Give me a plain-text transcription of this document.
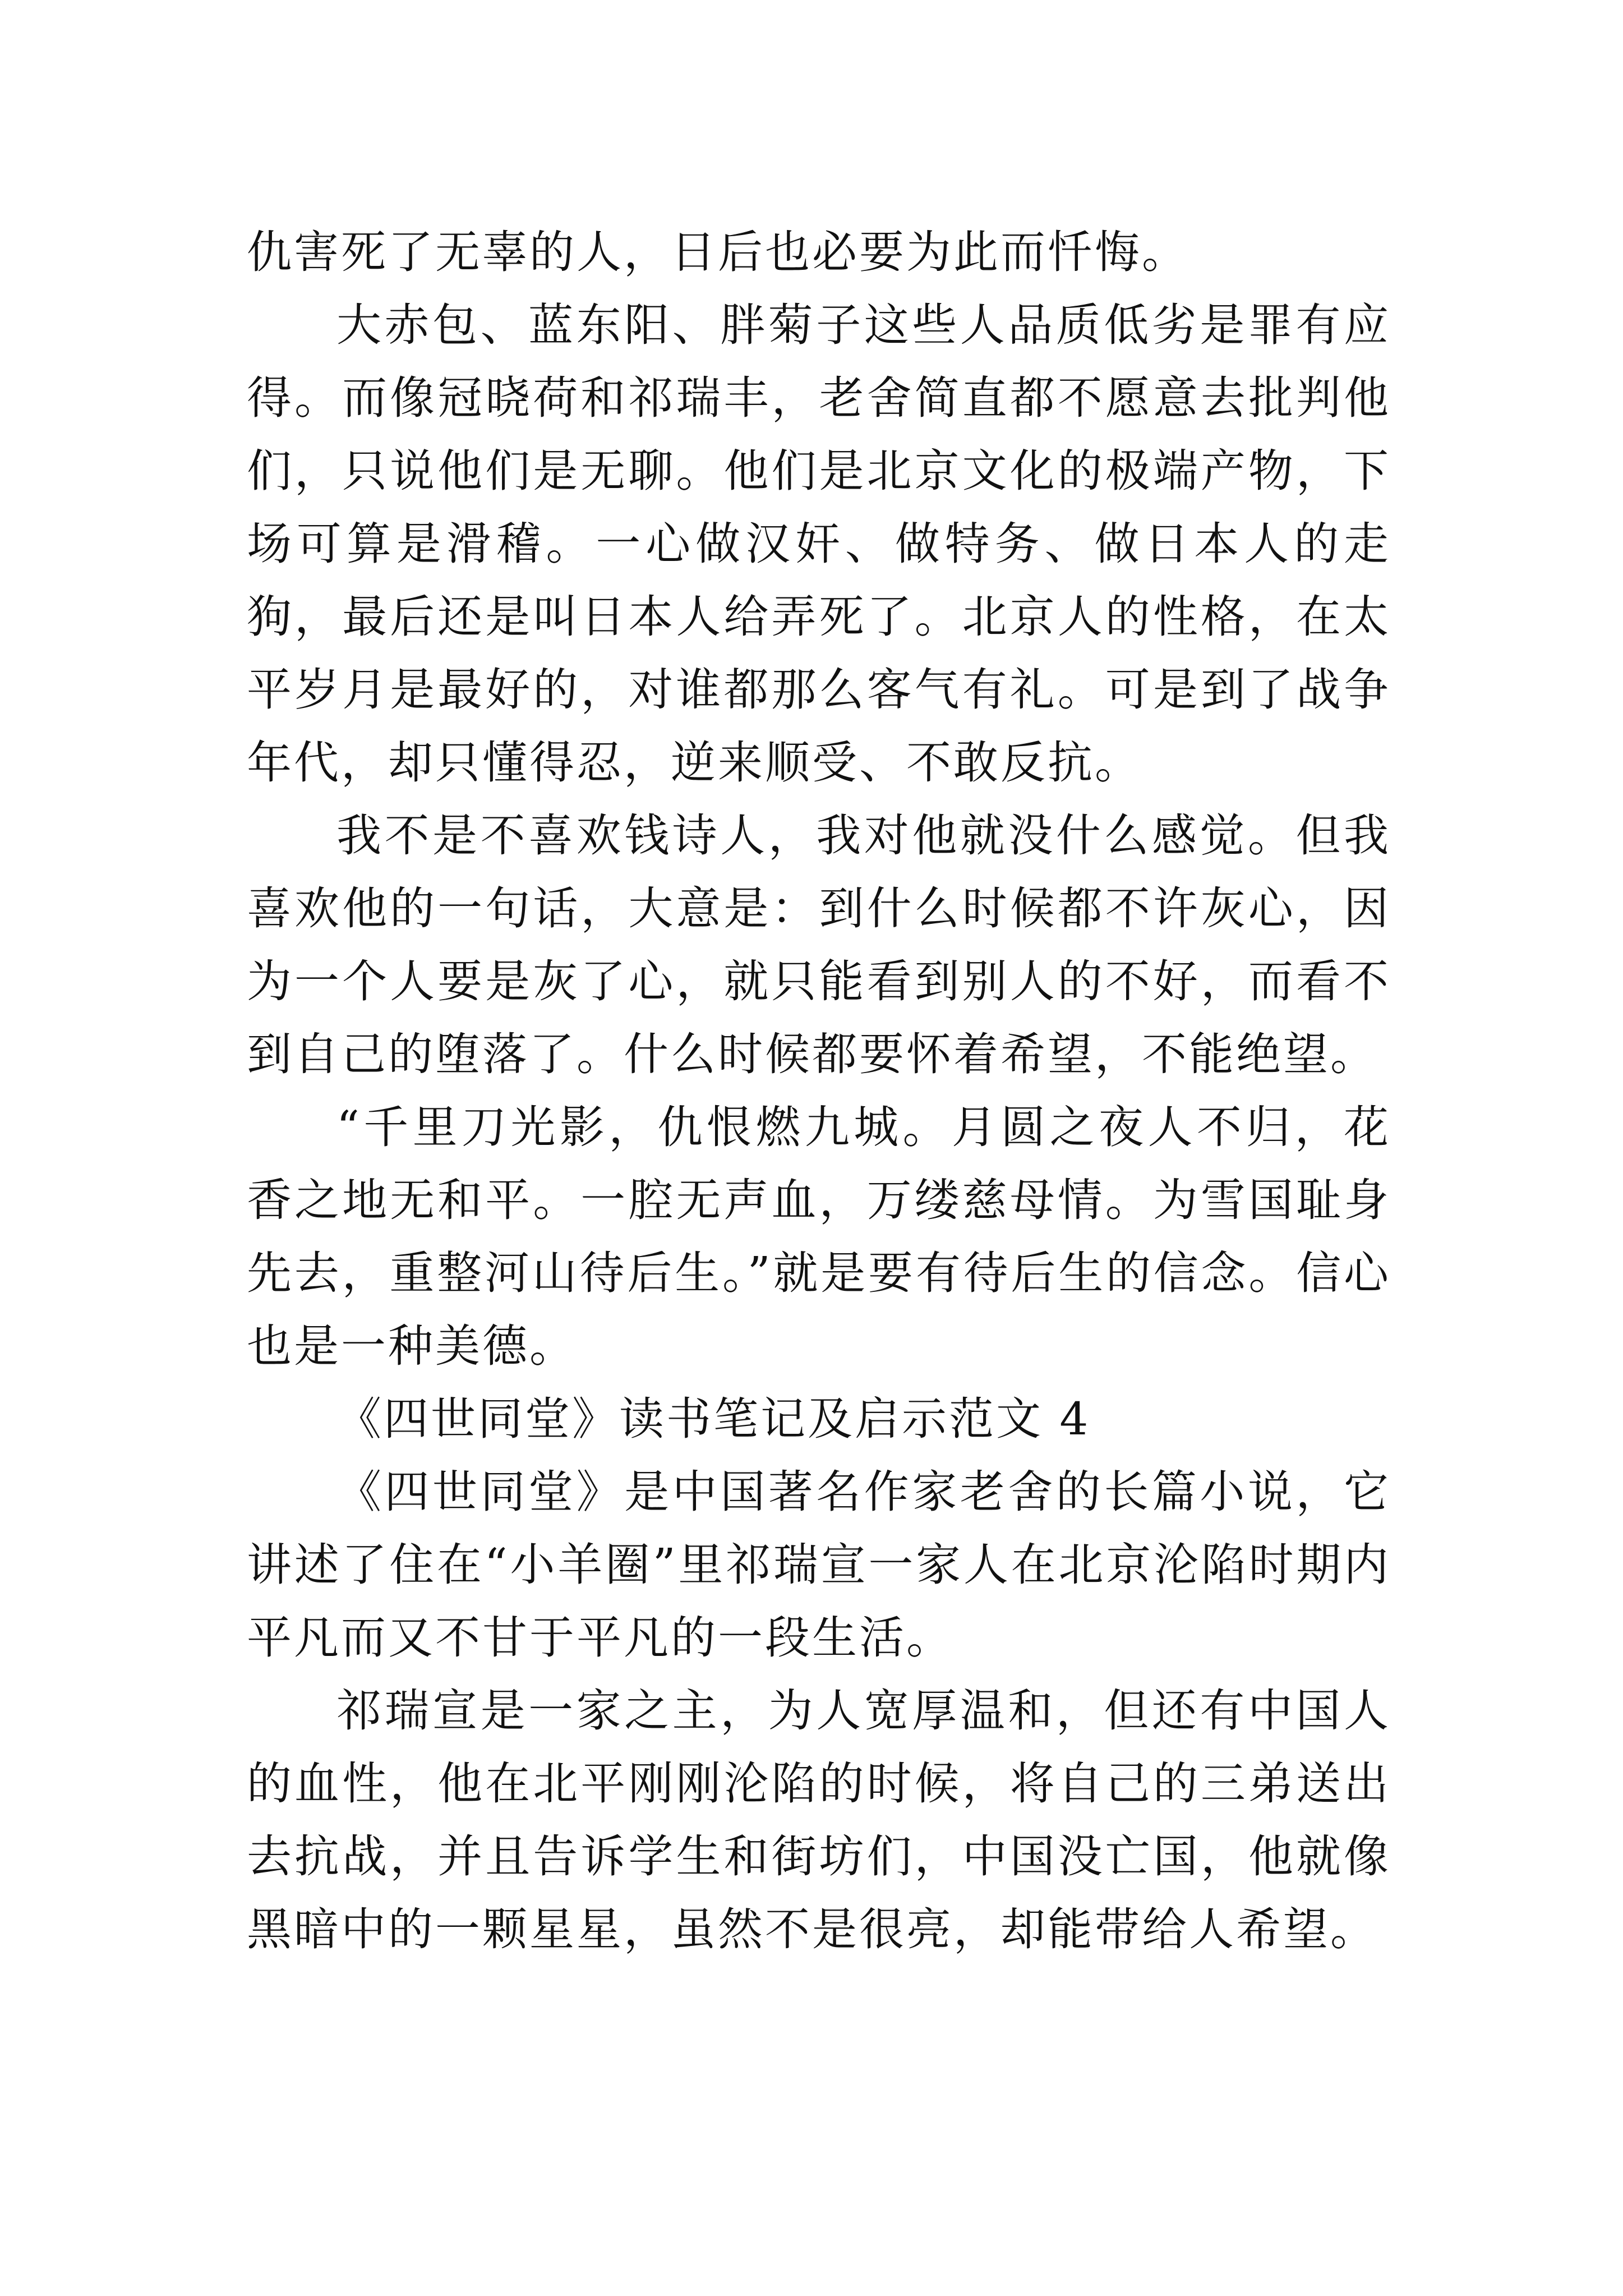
仇害死了无辜的人，日后也必要为此而忏悔。

大赤包、蓝东阳、胖菊子这些人品质低劣是罪有应得。而像冠晓荷和祁瑞丰，老舍简直都不愿意去批判他们，只说他们是无聊。他们是北京文化的极端产物，下场可算是滑稽。一心做汉奸、做特务、做日本人的走狗，最后还是叫日本人给弄死了。北京人的性格，在太平岁月是最好的，对谁都那么客气有礼。可是到了战争年代，却只懂得忍，逆来顺受、不敢反抗。

我不是不喜欢钱诗人，我对他就没什么感觉。但我喜欢他的一句话，大意是：到什么时候都不许灰心，因为一个人要是灰了心，就只能看到别人的不好，而看不到自己的堕落了。什么时候都要怀着希望，不能绝望。

“千里刀光影，仇恨燃九城。月圆之夜人不归，花香之地无和平。一腔无声血，万缕慈母情。为雪国耻身先去，重整河山待后生。”就是要有待后生的信念。信心也是一种美德。

《四世同堂》读书笔记及启示范文 4

《四世同堂》是中国著名作家老舍的长篇小说，它讲述了住在“小羊圈”里祁瑞宣一家人在北京沦陷时期内平凡而又不甘于平凡的一段生活。

祁瑞宣是一家之主，为人宽厚温和，但还有中国人的血性，他在北平刚刚沦陷的时候，将自己的三弟送出去抗战，并且告诉学生和街坊们，中国没亡国，他就像黑暗中的一颗星星，虽然不是很亮，却能带给人希望。
